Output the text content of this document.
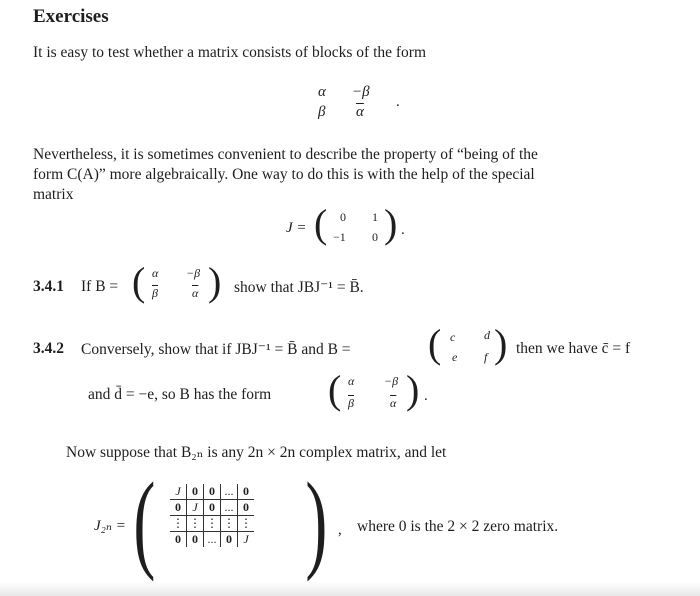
Exercises
It is easy to test whether a matrix consists of blocks of the form
α −β
β $\overline{\alpha}$
.
Nevertheless, it is sometimes convenient to describe the property of “being of the
form C(A)” more algebraically. One way to do this is with the help of the special
matrix
J = ( 0 1
−1 0 ) .
3.4.1 If B = ( α −β
$\overline{\beta}$	$\overline{\alpha}$ ) show that JBJ⁻¹ = B̄.
3.4.2 Conversely, show that if JBJ⁻¹ = B̄ and B = ( c d
e f ) then we have c̄ = f
and d̄ = −e, so B has the form ( α −β
$\overline{\beta}$	$\overline{\alpha}$ ) .
Now suppose that B₂ₙ is any 2n × 2n complex matrix, and let
J₂ₙ = ( J	0	0	...	0
0	J	0	...	0
⋮	⋮	⋮	⋮	⋮
0	0	...	0	J ) , where 0 is the 2 × 2 zero matrix.
